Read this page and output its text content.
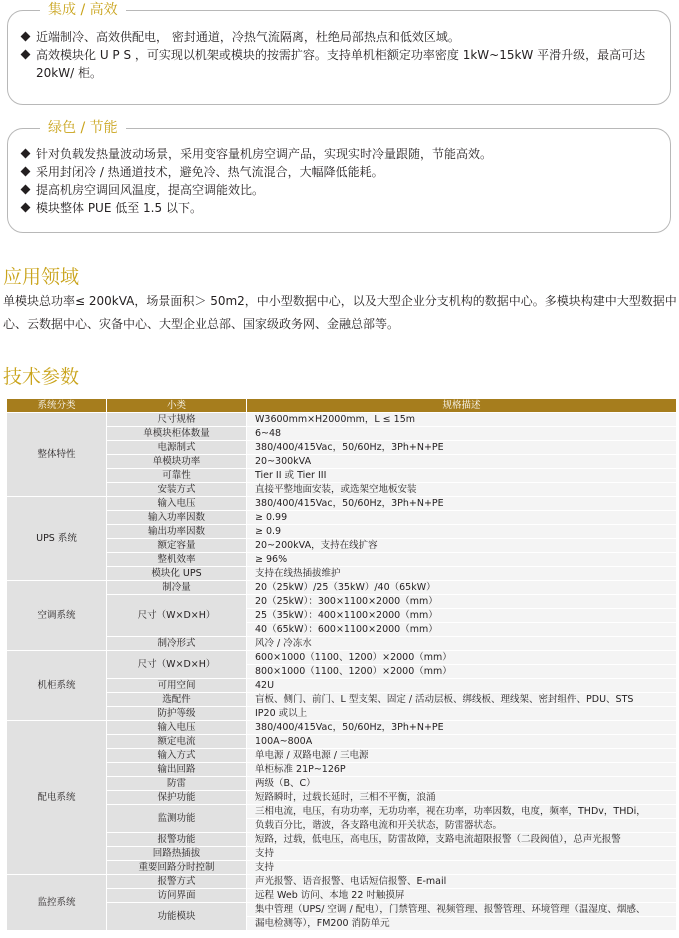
集成 / 高效
近端制冷、高效供配电， 密封通道，冷热气流隔离，杜绝局部热点和低效区域。
高效模块化 U P S ，可实现以机架或模块的按需扩容。支持单机柜额定功率密度 1kW~15kW 平滑升级，最高可达 20kW/ 柜。
绿色 / 节能
针对负载发热量波动场景，采用变容量机房空调产品，实现实时冷量跟随，节能高效。
采用封闭冷 / 热通道技术，避免冷、热气流混合，大幅降低能耗。
提高机房空调回风温度，提高空调能效比。
模块整体 PUE 低至 1.5 以下。
应用领域
单模块总功率≤ 200kVA，场景面积＞ 50m2，中小型数据中心，以及大型企业分支机构的数据中心。多模块构建中大型数据中心、云数据中心、灾备中心、大型企业总部、国家级政务网、金融总部等。
技术参数
系统分类	小类	规格描述
整体特性	尺寸规格	W3600mm×H2000mm，L ≤ 15m
	单模块柜体数量	6~48
	电源制式	380/400/415Vac，50/60Hz，3Ph+N+PE
	单模块功率	20~300kVA
	可靠性	Tier II 或 Tier III
	安装方式	直接平整地面安装，或选架空地板安装
UPS 系统	输入电压	380/400/415Vac，50/60Hz，3Ph+N+PE
	输入功率因数	≥ 0.99
	输出功率因数	≥ 0.9
	额定容量	20~200kVA，支持在线扩容
	整机效率	≥ 96%
	模块化 UPS	支持在线热插拔维护
空调系统	制冷量	20（25kW）/25（35kW）/40（65kW）
	尺寸（W×D×H）	20（25kW）：300×1100×2000（mm）
		25（35kW）：400×1100×2000（mm）
		40（65kW）：600×1100×2000（mm）
	制冷形式	风冷 / 冷冻水
机柜系统	尺寸（W×D×H）	600×1000（1100、1200）×2000（mm）
		800×1000（1100、1200）×2000（mm）
	可用空间	42U
	选配件	盲板、侧门、前门、L 型支架、固定 / 活动层板、绑线板、理线架、密封组件、PDU、STS
	防护等级	IP20 或以上
配电系统	输入电压	380/400/415Vac，50/60Hz，3Ph+N+PE
	额定电流	100A~800A
	输入方式	单电源 / 双路电源 / 三电源
	输出回路	单柜标准 21P~126P
	防雷	两级（B、C）
	保护功能	短路瞬时，过载长延时，三相不平衡，浪涌
	监测功能	三相电流，电压，有功功率，无功功率，视在功率，功率因数，电度，频率，THDv，THDi，
		负载百分比，谐波，各支路电流和开关状态，防雷器状态。
	报警功能	短路，过载，低电压，高电压，防雷故障，支路电流超限报警（二段阀值），总声光报警
	回路热插拔	支持
	重要回路分时控制	支持
监控系统	报警方式	声光报警、语音报警、电话短信报警、E-mail
	访问界面	远程 Web 访问、本地 22 吋触摸屏
	功能模块	集中管理（UPS/ 空调 / 配电），门禁管理、视频管理、报警管理、环境管理（温湿度、烟感、
		漏电检测等），FM200 消防单元
